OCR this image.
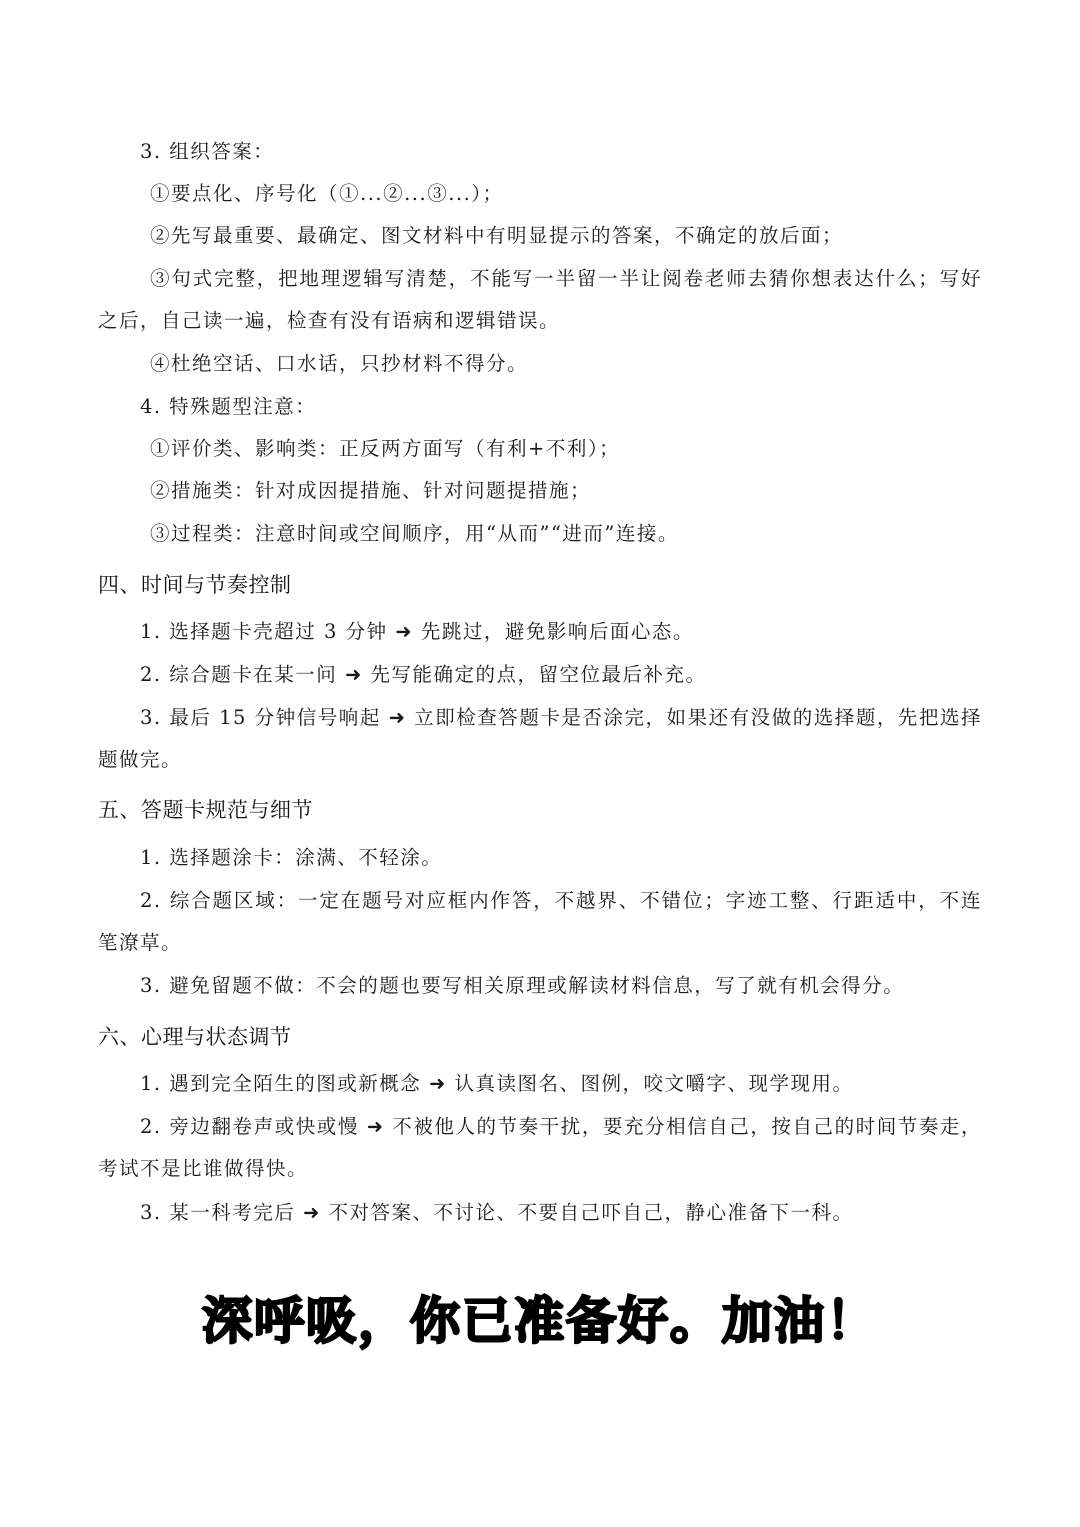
3. 组织答案：
①要点化、序号化（①...②...③...）；
②先写最重要、最确定、图文材料中有明显提示的答案，不确定的放后面；
③句式完整，把地理逻辑写清楚，不能写一半留一半让阅卷老师去猜你想表达什么；写好之后，自己读一遍，检查有没有语病和逻辑错误。
④杜绝空话、口水话，只抄材料不得分。
4. 特殊题型注意：
①评价类、影响类：正反两方面写（有利+不利）；
②措施类：针对成因提措施、针对问题提措施；
③过程类：注意时间或空间顺序，用“从而”“进而”连接。
四、时间与节奏控制
1. 选择题卡壳超过 3 分钟 ➜ 先跳过，避免影响后面心态。
2. 综合题卡在某一问 ➜ 先写能确定的点，留空位最后补充。
3. 最后 15 分钟信号响起 ➜ 立即检查答题卡是否涂完，如果还有没做的选择题，先把选择题做完。
五、答题卡规范与细节
1. 选择题涂卡：涂满、不轻涂。
2. 综合题区域：一定在题号对应框内作答，不越界、不错位；字迹工整、行距适中，不连笔潦草。
3. 避免留题不做：不会的题也要写相关原理或解读材料信息，写了就有机会得分。
六、心理与状态调节
1. 遇到完全陌生的图或新概念 ➜ 认真读图名、图例，咬文嚼字、现学现用。
2. 旁边翻卷声或快或慢 ➜ 不被他人的节奏干扰，要充分相信自己，按自己的时间节奏走，考试不是比谁做得快。
3. 某一科考完后 ➜ 不对答案、不讨论、不要自己吓自己，静心准备下一科。
深呼吸，你已准备好。加油！
